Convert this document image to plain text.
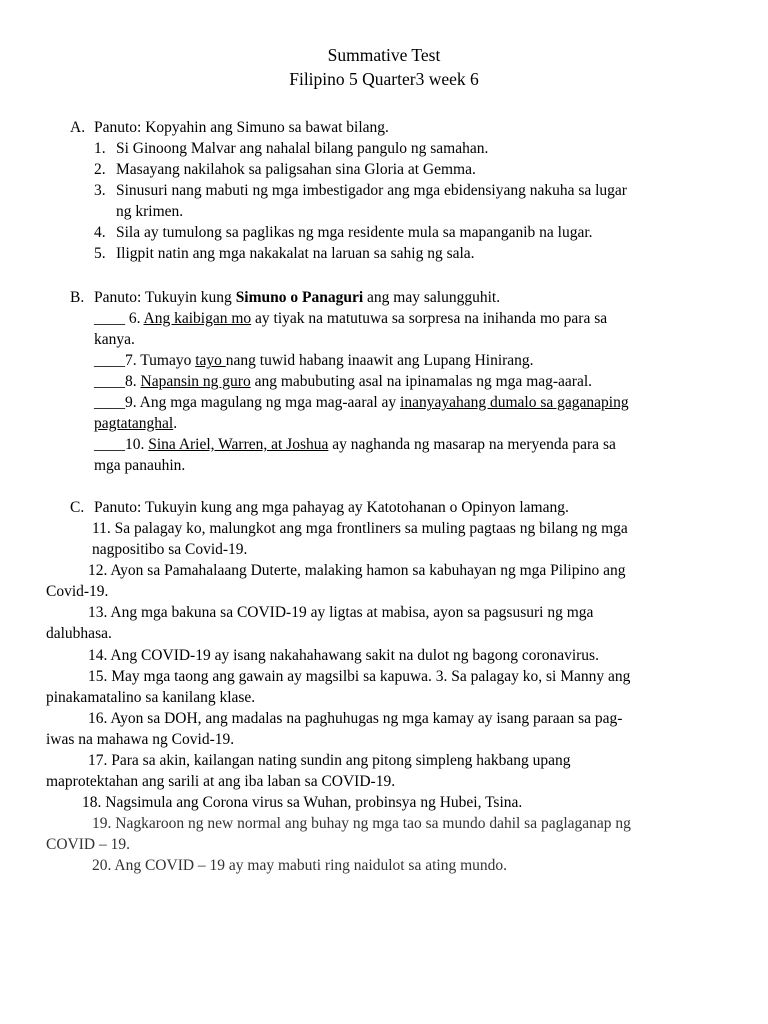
Summative Test
Filipino 5 Quarter3 week 6
A. Panuto: Kopyahin ang Simuno sa bawat bilang.
1. Si Ginoong Malvar ang nahalal bilang pangulo ng samahan.
2. Masayang nakilahok sa paligsahan sina Gloria at Gemma.
3. Sinusuri nang mabuti ng mga imbestigador ang mga ebidensiyang nakuha sa lugar
ng krimen.
4. Sila ay tumulong sa paglikas ng mga residente mula sa mapanganib na lugar.
5. Iligpit natin ang mga nakakalat na laruan sa sahig ng sala.
B. Panuto: Tukuyin kung Simuno o Panaguri ang may salungguhit.
____ 6. Ang kaibigan mo ay tiyak na matutuwa sa sorpresa na inihanda mo para sa
kanya.
____7. Tumayo tayo nang tuwid habang inaawit ang Lupang Hinirang.
____8. Napansin ng guro ang mabubuting asal na ipinamalas ng mga mag-aaral.
____9. Ang mga magulang ng mga mag-aaral ay inanyayahang dumalo sa gaganaping
pagtatanghal.
____10. Sina Ariel, Warren, at Joshua ay naghanda ng masarap na meryenda para sa
mga panauhin.
C. Panuto: Tukuyin kung ang mga pahayag ay Katotohanan o Opinyon lamang.
11. Sa palagay ko, malungkot ang mga frontliners sa muling pagtaas ng bilang ng mga
nagpositibo sa Covid-19.
12. Ayon sa Pamahalaang Duterte, malaking hamon sa kabuhayan ng mga Pilipino ang
Covid-19.
13. Ang mga bakuna sa COVID-19 ay ligtas at mabisa, ayon sa pagsusuri ng mga
dalubhasa.
14. Ang COVID-19 ay isang nakahahawang sakit na dulot ng bagong coronavirus.
15. May mga taong ang gawain ay magsilbi sa kapuwa. 3. Sa palagay ko, si Manny ang
pinakamatalino sa kanilang klase.
16. Ayon sa DOH, ang madalas na paghuhugas ng mga kamay ay isang paraan sa pag-
iwas na mahawa ng Covid-19.
17. Para sa akin, kailangan nating sundin ang pitong simpleng hakbang upang
maprotektahan ang sarili at ang iba laban sa COVID-19.
18. Nagsimula ang Corona virus sa Wuhan, probinsya ng Hubei, Tsina.
19. Nagkaroon ng new normal ang buhay ng mga tao sa mundo dahil sa paglaganap ng
COVID – 19.
20. Ang COVID – 19 ay may mabuti ring naidulot sa ating mundo.
